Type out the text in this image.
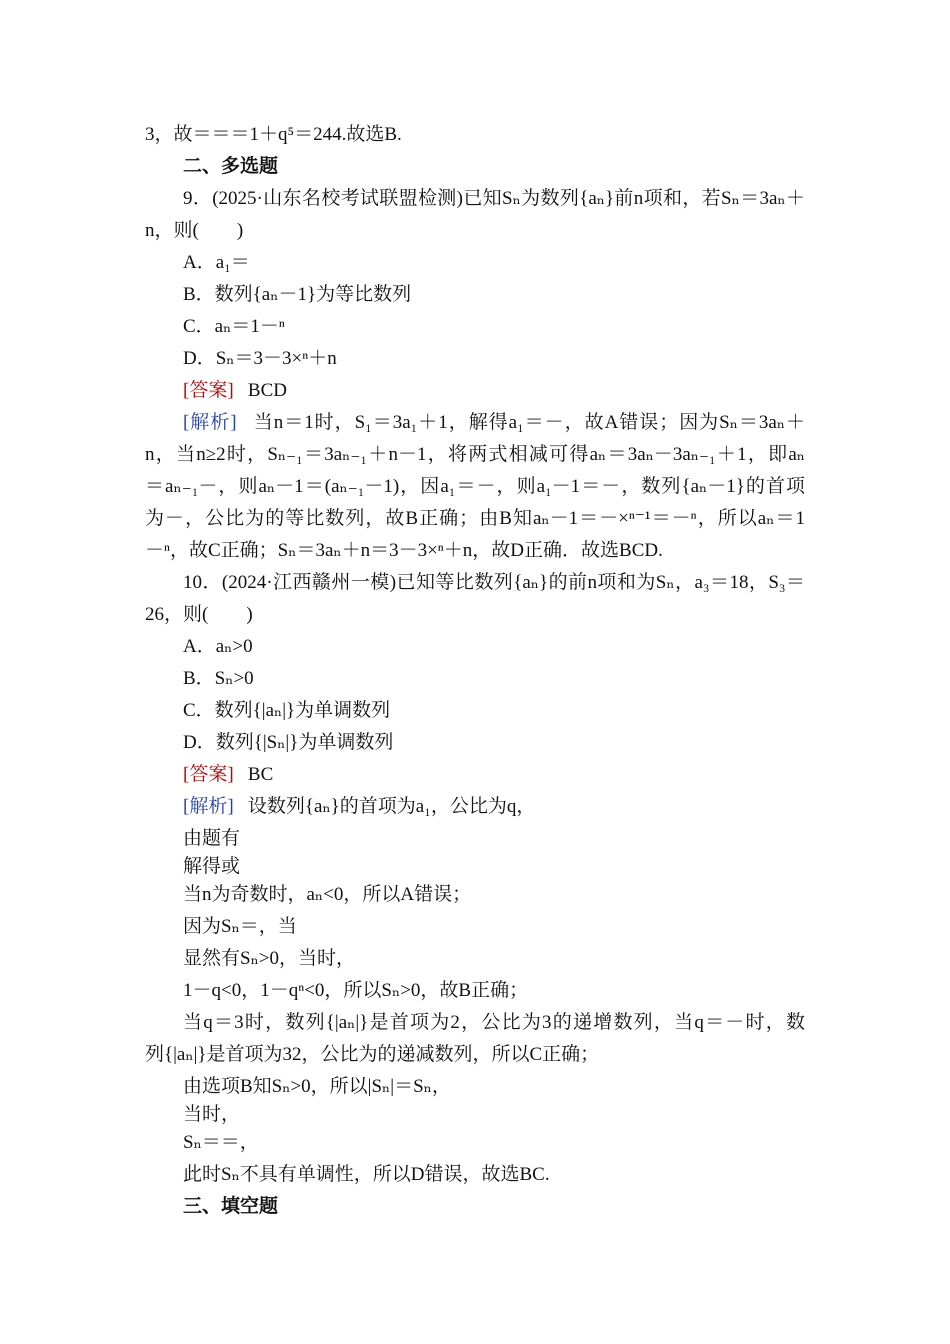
3，故＝＝＝1＋q⁵＝244.故选B.
二、多选题
9．(2025·山东名校考试联盟检测)已知Sₙ为数列{aₙ}前n项和，若Sₙ＝3aₙ＋
n，则(　　)
A．a₁＝
B．数列{aₙ－1}为等比数列
C．aₙ＝1－ⁿ
D．Sₙ＝3－3×ⁿ＋n
[答案] BCD
[解析] 当n＝1时，S₁＝3a₁＋1，解得a₁＝－，故A错误；因为Sₙ＝3aₙ＋
n，当n≥2时，Sₙ₋₁＝3aₙ₋₁＋n－1，将两式相减可得aₙ＝3aₙ－3aₙ₋₁＋1，即aₙ
＝aₙ₋₁－，则aₙ－1＝(aₙ₋₁－1)，因a₁＝－，则a₁－1＝－，数列{aₙ－1}的首项
为－，公比为的等比数列，故B正确；由B知aₙ－1＝－×ⁿ⁻¹＝－ⁿ，所以aₙ＝1
－ⁿ，故C正确；Sₙ＝3aₙ＋n＝3－3×ⁿ＋n，故D正确．故选BCD.
10．(2024·江西赣州一模)已知等比数列{aₙ}的前n项和为Sₙ，a₃＝18，S₃＝
26，则(　　)
A．aₙ>0
B．Sₙ>0
C．数列{|aₙ|}为单调数列
D．数列{|Sₙ|}为单调数列
[答案] BC
[解析] 设数列{aₙ}的首项为a₁，公比为q，
由题有
解得或
当n为奇数时，aₙ<0，所以A错误；
因为Sₙ＝，当
显然有Sₙ>0，当时，
1－q<0，1－qⁿ<0，所以Sₙ>0，故B正确；
当q＝3时，数列{|aₙ|}是首项为2，公比为3的递增数列，当q＝－时，数
列{|aₙ|}是首项为32，公比为的递减数列，所以C正确；
由选项B知Sₙ>0，所以|Sₙ|＝Sₙ，
当时，
Sₙ＝＝，
此时Sₙ不具有单调性，所以D错误，故选BC.
三、填空题
